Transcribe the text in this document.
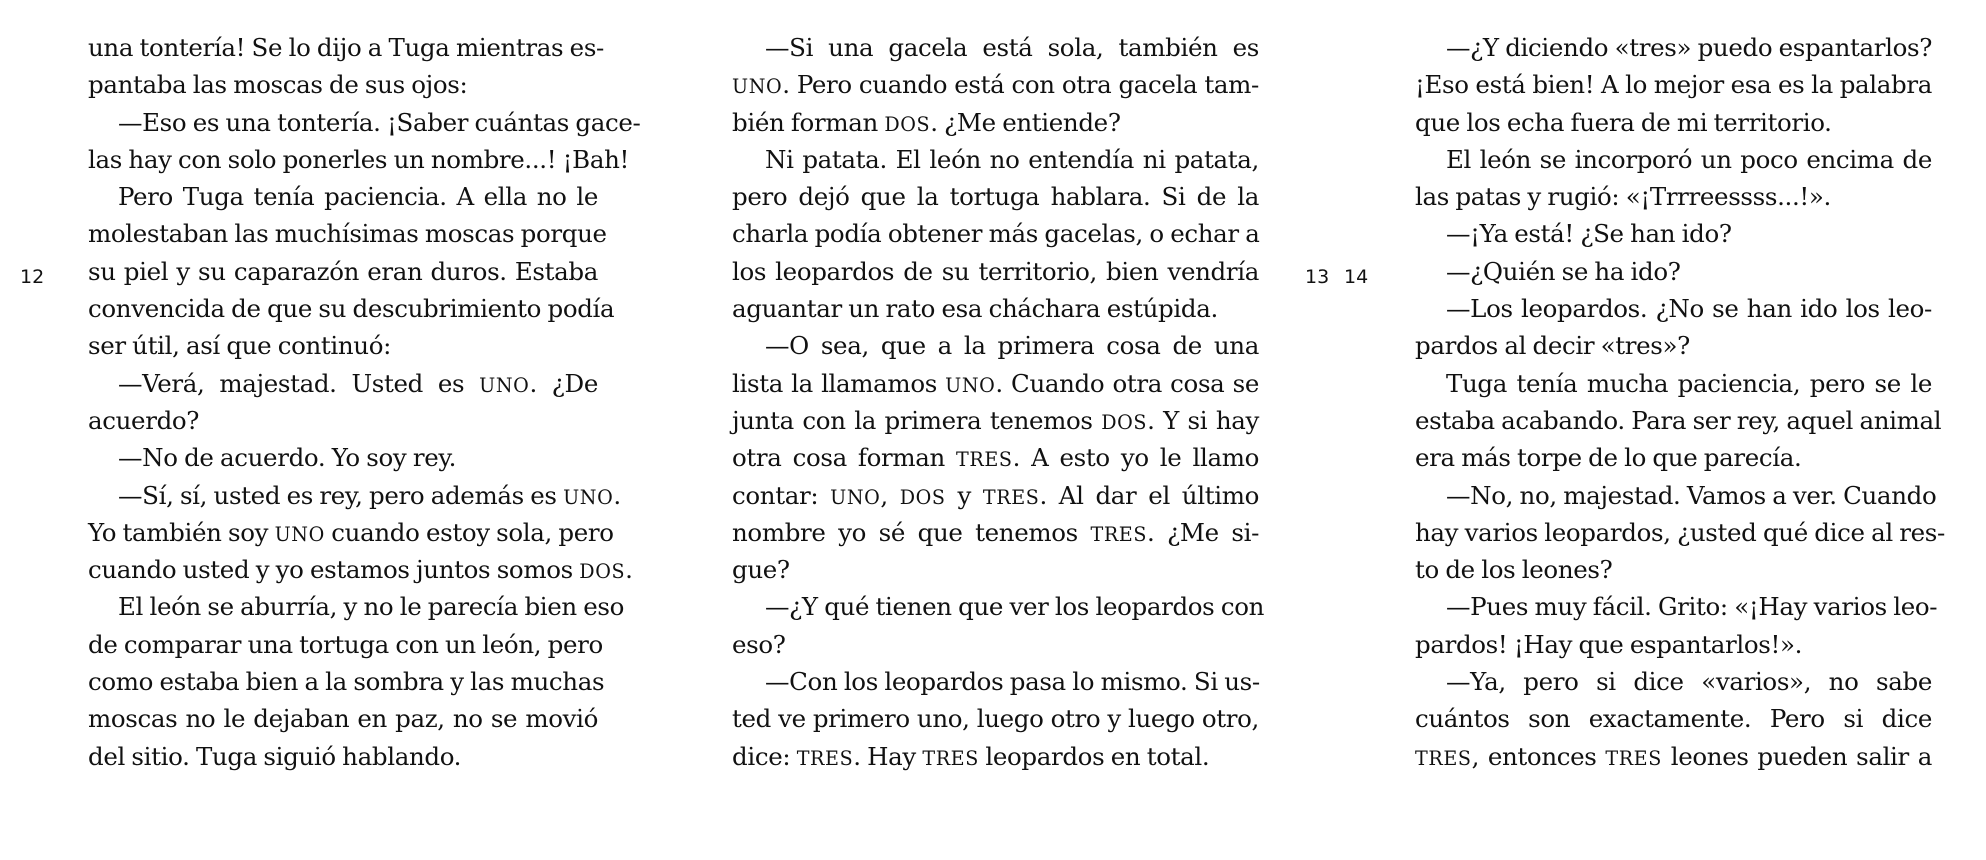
12	13 14
una tontería! Se lo dijo a Tuga mientras es-
pantaba las moscas de sus ojos:
—Eso es una tontería. ¡Saber cuántas gace-
las hay con solo ponerles un nombre...! ¡Bah!
Pero Tuga tenía paciencia. A ella no le
molestaban las muchísimas moscas porque
su piel y su caparazón eran duros. Estaba
convencida de que su descubrimiento podía
ser útil, así que continuó:
—Verá, majestad. Usted es UNO. ¿De
acuerdo?
—No de acuerdo. Yo soy rey.
—Sí, sí, usted es rey, pero además es UNO.
Yo también soy UNO cuando estoy sola, pero
cuando usted y yo estamos juntos somos DOS.
El león se aburría, y no le parecía bien eso
de comparar una tortuga con un león, pero
como estaba bien a la sombra y las muchas
moscas no le dejaban en paz, no se movió
del sitio. Tuga siguió hablando.
—Si una gacela está sola, también es
UNO. Pero cuando está con otra gacela tam-
bién forman DOS. ¿Me entiende?
Ni patata. El león no entendía ni patata,
pero dejó que la tortuga hablara. Si de la
charla podía obtener más gacelas, o echar a
los leopardos de su territorio, bien vendría
aguantar un rato esa cháchara estúpida.
—O sea, que a la primera cosa de una
lista la llamamos UNO. Cuando otra cosa se
junta con la primera tenemos DOS. Y si hay
otra cosa forman TRES. A esto yo le llamo
contar: UNO, DOS y TRES. Al dar el último
nombre yo sé que tenemos TRES. ¿Me si-
gue?
—¿Y qué tienen que ver los leopardos con
eso?
—Con los leopardos pasa lo mismo. Si us-
ted ve primero uno, luego otro y luego otro,
dice: TRES. Hay TRES leopardos en total.
—¿Y diciendo «tres» puedo espantarlos?
¡Eso está bien! A lo mejor esa es la palabra
que los echa fuera de mi territorio.
El león se incorporó un poco encima de
las patas y rugió: «¡Trrreessss...!».
—¡Ya está! ¿Se han ido?
—¿Quién se ha ido?
—Los leopardos. ¿No se han ido los leo-
pardos al decir «tres»?
Tuga tenía mucha paciencia, pero se le
estaba acabando. Para ser rey, aquel animal
era más torpe de lo que parecía.
—No, no, majestad. Vamos a ver. Cuando
hay varios leopardos, ¿usted qué dice al res-
to de los leones?
—Pues muy fácil. Grito: «¡Hay varios leo-
pardos! ¡Hay que espantarlos!».
—Ya, pero si dice «varios», no sabe
cuántos son exactamente. Pero si dice
TRES, entonces TRES leones pueden salir a
